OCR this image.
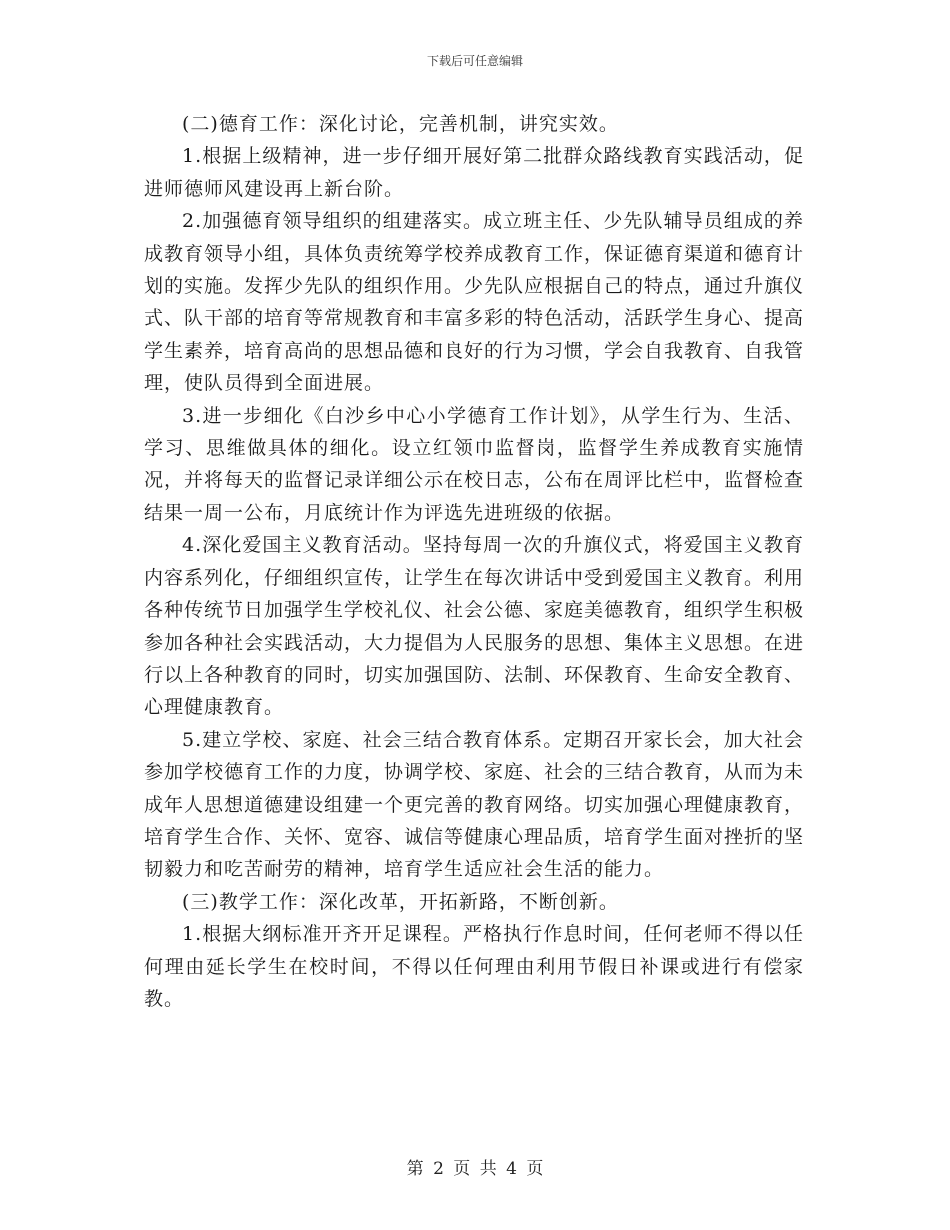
下载后可任意编辑

(二)德育工作：深化讨论，完善机制，讲究实效。

1.根据上级精神，进一步仔细开展好第二批群众路线教育实践活动，促进师德师风建设再上新台阶。

2.加强德育领导组织的组建落实。成立班主任、少先队辅导员组成的养成教育领导小组，具体负责统筹学校养成教育工作，保证德育渠道和德育计划的实施。发挥少先队的组织作用。少先队应根据自己的特点，通过升旗仪式、队干部的培育等常规教育和丰富多彩的特色活动，活跃学生身心、提高学生素养，培育高尚的思想品德和良好的行为习惯，学会自我教育、自我管理，使队员得到全面进展。

3.进一步细化《白沙乡中心小学德育工作计划》，从学生行为、生活、学习、思维做具体的细化。设立红领巾监督岗，监督学生养成教育实施情况，并将每天的监督记录详细公示在校日志，公布在周评比栏中，监督检查结果一周一公布，月底统计作为评选先进班级的依据。

4.深化爱国主义教育活动。坚持每周一次的升旗仪式，将爱国主义教育内容系列化，仔细组织宣传，让学生在每次讲话中受到爱国主义教育。利用各种传统节日加强学生学校礼仪、社会公德、家庭美德教育，组织学生积极参加各种社会实践活动，大力提倡为人民服务的思想、集体主义思想。在进行以上各种教育的同时，切实加强国防、法制、环保教育、生命安全教育、心理健康教育。

5.建立学校、家庭、社会三结合教育体系。定期召开家长会，加大社会参加学校德育工作的力度，协调学校、家庭、社会的三结合教育，从而为未成年人思想道德建设组建一个更完善的教育网络。切实加强心理健康教育，培育学生合作、关怀、宽容、诚信等健康心理品质，培育学生面对挫折的坚韧毅力和吃苦耐劳的精神，培育学生适应社会生活的能力。

(三)教学工作：深化改革，开拓新路，不断创新。

1.根据大纲标准开齐开足课程。严格执行作息时间，任何老师不得以任何理由延长学生在校时间，不得以任何理由利用节假日补课或进行有偿家教。

第 2 页 共 4 页
